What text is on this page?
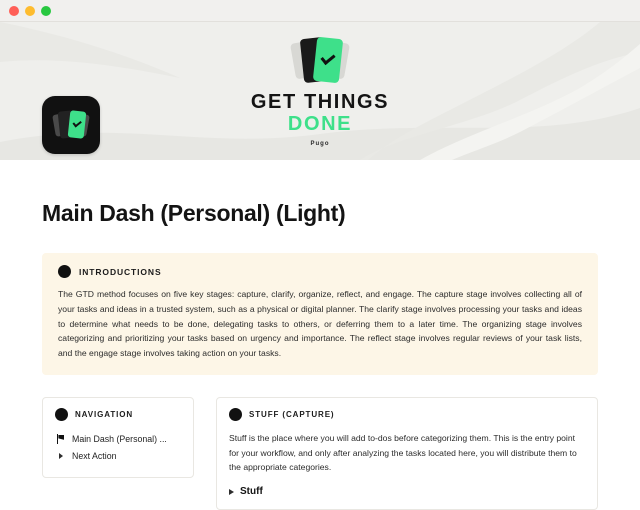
GET THINGS
DONE
Pugo
Main Dash (Personal) (Light)
INTRODUCTIONS
The GTD method focuses on five key stages: capture, clarify, organize, reflect, and engage. The capture stage involves collecting all of your tasks and ideas in a trusted system, such as a physical or digital planner. The clarify stage involves processing your tasks and ideas to determine what needs to be done, delegating tasks to others, or deferring them to a later time. The organizing stage involves categorizing and prioritizing your tasks based on urgency and importance. The reflect stage involves regular reviews of your task lists, and the engage stage involves taking action on your tasks.
NAVIGATION
Main Dash (Personal) ...
Next Action
STUFF (CAPTURE)
Stuff is the place where you will add to-dos before categorizing them. This is the entry point for your workflow, and only after analyzing the tasks located here, you will distribute them to the appropriate categories.
Stuff
